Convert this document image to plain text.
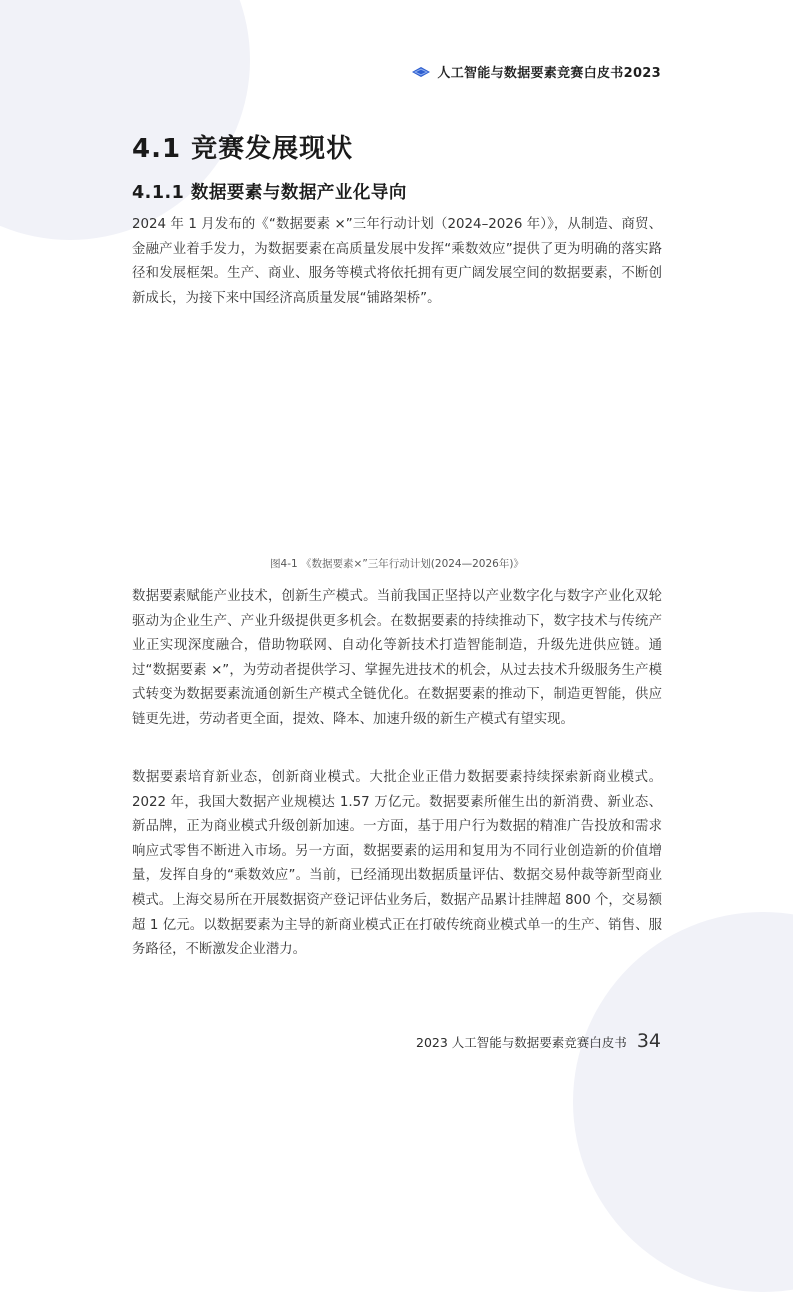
人工智能与数据要素竞赛白皮书2023
4.1 竞赛发展现状
4.1.1 数据要素与数据产业化导向

2024 年 1 月发布的《“数据要素 ×”三年行动计划（2024–2026 年）》，从制造、商贸、金融产业着手发力，为数据要素在高质量发展中发挥“乘数效应”提供了更为明确的落实路径和发展框架。生产、商业、服务等模式将依托拥有更广阔发展空间的数据要素，不断创新成长，为接下来中国经济高质量发展“铺路架桥”。

图4-1 《数据要素×”三年行动计划(2024—2026年)》

数据要素赋能产业技术，创新生产模式。当前我国正坚持以产业数字化与数字产业化双轮驱动为企业生产、产业升级提供更多机会。在数据要素的持续推动下，数字技术与传统产业正实现深度融合，借助物联网、自动化等新技术打造智能制造，升级先进供应链。通过“数据要素 ×”，为劳动者提供学习、掌握先进技术的机会，从过去技术升级服务生产模式转变为数据要素流通创新生产模式全链优化。在数据要素的推动下，制造更智能，供应链更先进，劳动者更全面，提效、降本、加速升级的新生产模式有望实现。

数据要素培育新业态，创新商业模式。大批企业正借力数据要素持续探索新商业模式。2022 年，我国大数据产业规模达 1.57 万亿元。数据要素所催生出的新消费、新业态、新品牌，正为商业模式升级创新加速。一方面，基于用户行为数据的精准广告投放和需求响应式零售不断进入市场。另一方面，数据要素的运用和复用为不同行业创造新的价值增量，发挥自身的“乘数效应”。当前，已经涌现出数据质量评估、数据交易仲裁等新型商业模式。上海交易所在开展数据资产登记评估业务后，数据产品累计挂牌超 800 个，交易额超 1 亿元。以数据要素为主导的新商业模式正在打破传统商业模式单一的生产、销售、服务路径，不断激发企业潜力。

2023 人工智能与数据要素竞赛白皮书 34
